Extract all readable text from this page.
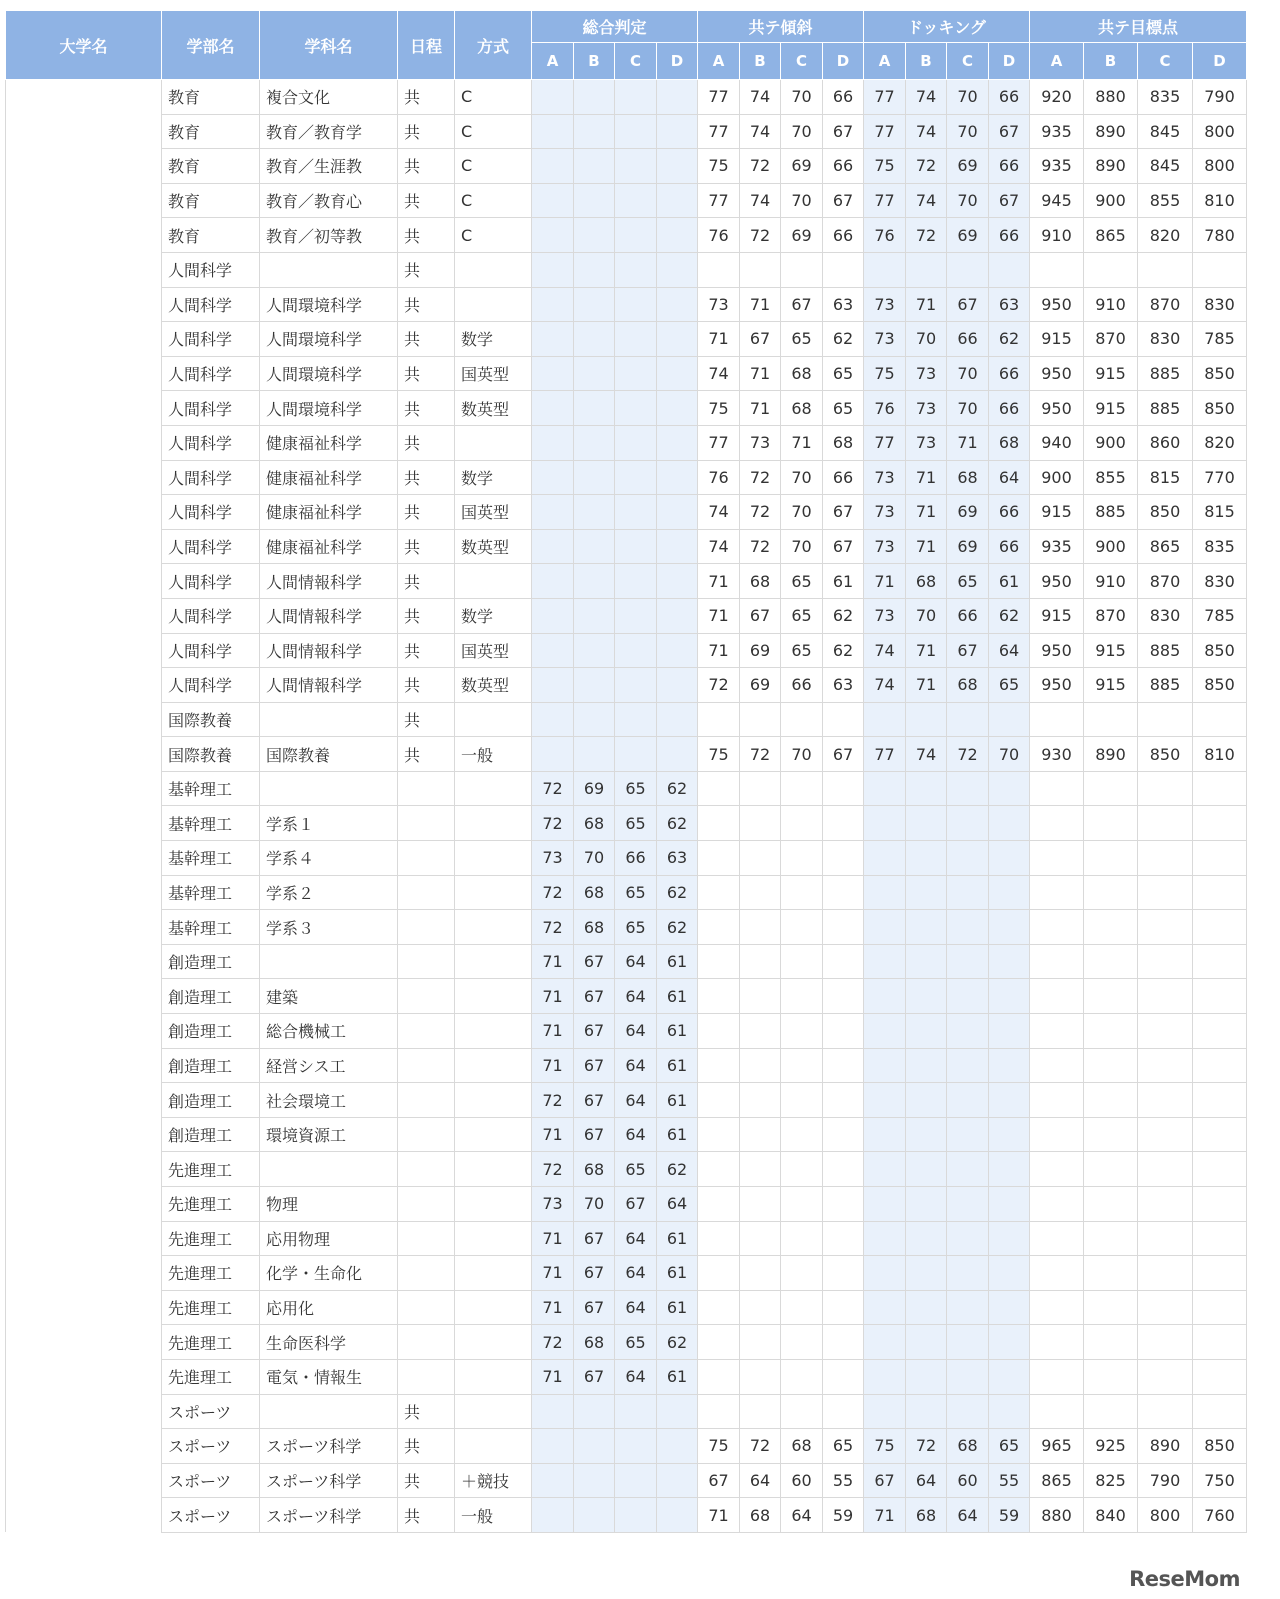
大学名	学部名	学科名	日程	方式	総合判定				共テ傾斜				ドッキング				共テ目標点			
					A	B	C	D	A	B	C	D	A	B	C	D	A	B	C	D
	教育	複合文化	共	C					77	74	70	66	77	74	70	66	920	880	835	790
	教育	教育／教育学	共	C					77	74	70	67	77	74	70	67	935	890	845	800
	教育	教育／生涯教	共	C					75	72	69	66	75	72	69	66	935	890	845	800
	教育	教育／教育心	共	C					77	74	70	67	77	74	70	67	945	900	855	810
	教育	教育／初等教	共	C					76	72	69	66	76	72	69	66	910	865	820	780
	人間科学		共																	
	人間科学	人間環境科学	共						73	71	67	63	73	71	67	63	950	910	870	830
	人間科学	人間環境科学	共	数学					71	67	65	62	73	70	66	62	915	870	830	785
	人間科学	人間環境科学	共	国英型					74	71	68	65	75	73	70	66	950	915	885	850
	人間科学	人間環境科学	共	数英型					75	71	68	65	76	73	70	66	950	915	885	850
	人間科学	健康福祉科学	共						77	73	71	68	77	73	71	68	940	900	860	820
	人間科学	健康福祉科学	共	数学					76	72	70	66	73	71	68	64	900	855	815	770
	人間科学	健康福祉科学	共	国英型					74	72	70	67	73	71	69	66	915	885	850	815
	人間科学	健康福祉科学	共	数英型					74	72	70	67	73	71	69	66	935	900	865	835
	人間科学	人間情報科学	共						71	68	65	61	71	68	65	61	950	910	870	830
	人間科学	人間情報科学	共	数学					71	67	65	62	73	70	66	62	915	870	830	785
	人間科学	人間情報科学	共	国英型					71	69	65	62	74	71	67	64	950	915	885	850
	人間科学	人間情報科学	共	数英型					72	69	66	63	74	71	68	65	950	915	885	850
	国際教養		共																	
	国際教養	国際教養	共	一般					75	72	70	67	77	74	72	70	930	890	850	810
	基幹理工				72	69	65	62												
	基幹理工	学系１			72	68	65	62												
	基幹理工	学系４			73	70	66	63												
	基幹理工	学系２			72	68	65	62												
	基幹理工	学系３			72	68	65	62												
	創造理工				71	67	64	61												
	創造理工	建築			71	67	64	61												
	創造理工	総合機械工			71	67	64	61												
	創造理工	経営シス工			71	67	64	61												
	創造理工	社会環境工			72	67	64	61												
	創造理工	環境資源工			71	67	64	61												
	先進理工				72	68	65	62												
	先進理工	物理			73	70	67	64												
	先進理工	応用物理			71	67	64	61												
	先進理工	化学・生命化			71	67	64	61												
	先進理工	応用化			71	67	64	61												
	先進理工	生命医科学			72	68	65	62												
	先進理工	電気・情報生			71	67	64	61												
	スポーツ		共																	
	スポーツ	スポーツ科学	共						75	72	68	65	75	72	68	65	965	925	890	850
	スポーツ	スポーツ科学	共	＋競技					67	64	60	55	67	64	60	55	865	825	790	750
	スポーツ	スポーツ科学	共	一般					71	68	64	59	71	68	64	59	880	840	800	760
ReseMom
